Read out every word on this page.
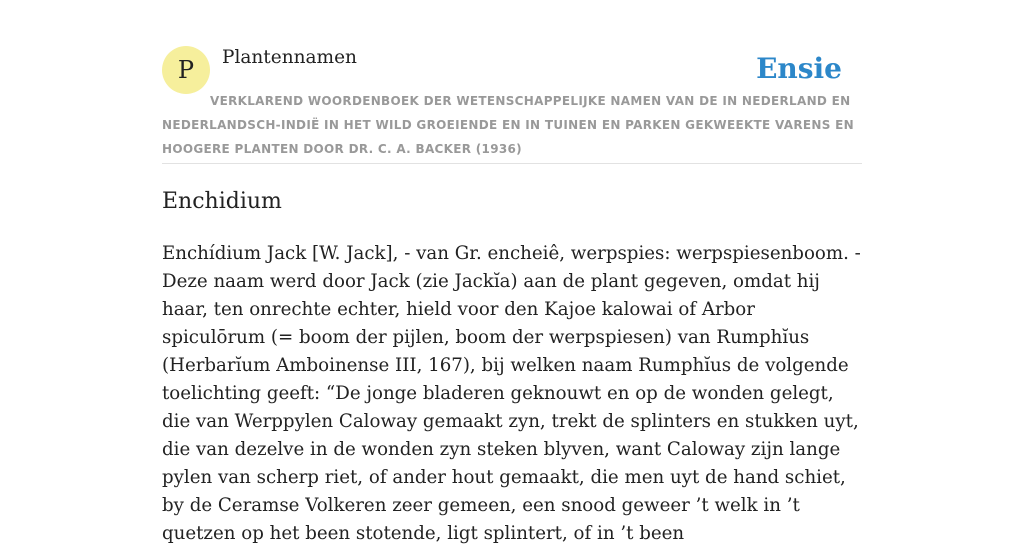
P	Plantennamen	Ensie
VERKLAREND WOORDENBOEK DER WETENSCHAPPELIJKE NAMEN VAN DE IN NEDERLAND EN NEDERLANDSCH-INDIË IN HET WILD GROEIENDE EN IN TUINEN EN PARKEN GEKWEEKTE VARENS EN HOOGERE PLANTEN DOOR DR. C. A. BACKER (1936)
Enchidium

Enchídium Jack [W. Jack], - van Gr. encheiê, werpspies: werpspiesenboom. - Deze naam werd door Jack (zie Jackĭa) aan de plant gegeven, omdat hij haar, ten onrechte echter, hield voor den Kajoe kalowai of Arbor spiculōrum (= boom der pijlen, boom der werpspiesen) van Rumphĭus (Herbarĭum Amboinense III, 167), bij welken naam Rumphĭus de volgende toelichting geeft: “De jonge bladeren geknouwt en op de wonden gelegt, die van Werppylen Caloway gemaakt zyn, trekt de splinters en stukken uyt, die van dezelve in de wonden zyn steken blyven, want Caloway zijn lange pylen van scherp riet, of ander hout gemaakt, die men uyt de hand schiet, by de Ceramse Volkeren zeer gemeen, een snood geweer ’t welk in ’t quetzen op het been stotende, ligt splintert, of in ’t been
